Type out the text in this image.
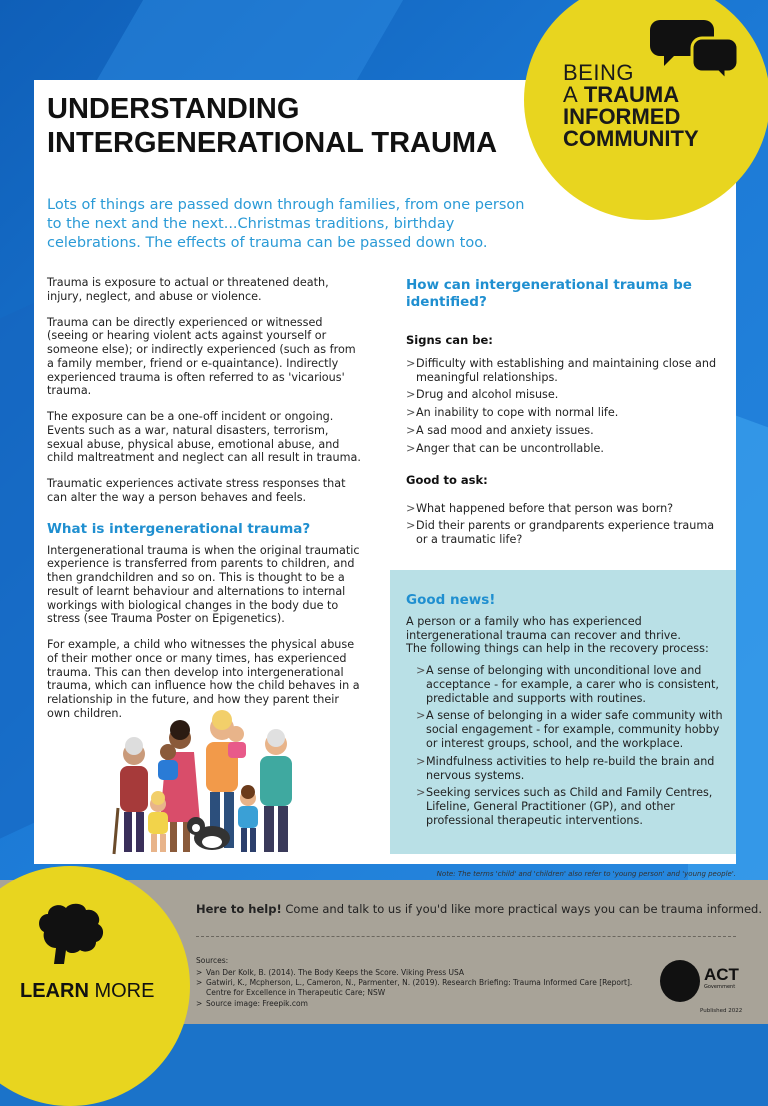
UNDERSTANDING
INTERGENERATIONAL TRAUMA

Lots of things are passed down through families, from one person to the next and the next...Christmas traditions, birthday celebrations. The effects of trauma can be passed down too.

BEING
A TRAUMA
INFORMED
COMMUNITY

Trauma is exposure to actual or threatened death, injury, neglect, and abuse or violence.

Trauma can be directly experienced or witnessed (seeing or hearing violent acts against yourself or someone else); or indirectly experienced (such as from a family member, friend or e-quaintance). Indirectly experienced trauma is often referred to as 'vicarious' trauma.

The exposure can be a one-off incident or ongoing. Events such as a war, natural disasters, terrorism, sexual abuse, physical abuse, emotional abuse, and child maltreatment and neglect can all result in trauma.

Traumatic experiences activate stress responses that can alter the way a person behaves and feels.

What is intergenerational trauma?

Intergenerational trauma is when the original traumatic experience is transferred from parents to children, and then grandchildren and so on. This is thought to be a result of learnt behaviour and alternations to internal workings with biological changes in the body due to stress (see Trauma Poster on Epigenetics).

For example, a child who witnesses the physical abuse of their mother once or many times, has experienced trauma. This can then develop into intergenerational trauma, which can influence how the child behaves in a relationship in the future, and how they parent their own children.

How can intergenerational trauma be identified?
Signs can be:
> Difficulty with establishing and maintaining close and meaningful relationships.
> Drug and alcohol misuse.
> An inability to cope with normal life.
> A sad mood and anxiety issues.
> Anger that can be uncontrollable.
Good to ask:
> What happened before that person was born?
> Did their parents or grandparents experience trauma or a traumatic life?
Good news!

A person or a family who has experienced intergenerational trauma can recover and thrive.
The following things can help in the recovery process:

> A sense of belonging with unconditional love and acceptance - for example, a carer who is consistent, predictable and supports with routines.
> A sense of belonging in a wider safe community with social engagement - for example, community hobby or interest groups, school, and the workplace.
> Mindfulness activities to help re-build the brain and nervous systems.
> Seeking services such as Child and Family Centres, Lifeline, General Practitioner (GP), and other professional therapeutic interventions.
Note: The terms 'child' and 'children' also refer to 'young person' and 'young people'.
LEARN MORE
Here to help! Come and talk to us if you'd like more practical ways you can be trauma informed.
Sources:
> Van Der Kolk, B. (2014). The Body Keeps the Score. Viking Press USA
> Gatwiri, K., Mcpherson, L., Cameron, N., Parmenter, N. (2019). Research Briefing: Trauma Informed Care [Report]. Centre for Excellence in Therapeutic Care; NSW
> Source image: Freepik.com
ACT
Government
Published 2022
